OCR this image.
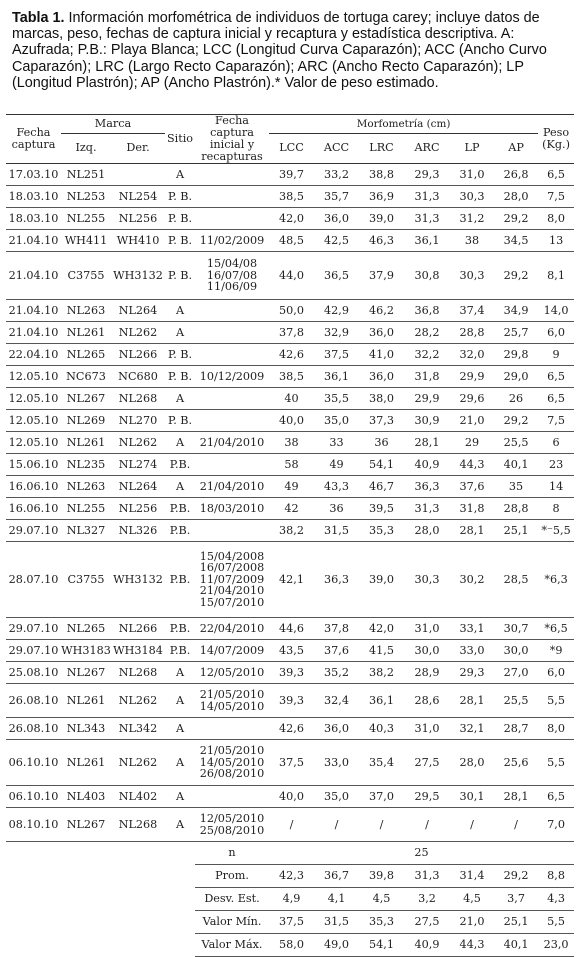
Tabla 1. Información morfométrica de individuos de tortuga carey; incluye datos de marcas, peso, fechas de captura inicial y recaptura y estadística descriptiva. A: Azufrada; P.B.: Playa Blanca; LCC (Longitud Curva Caparazón); ACC (Ancho Curvo Caparazón); LRC (Largo Recto Caparazón); ARC (Ancho Recto Caparazón); LP (Longitud Plastrón); AP (Ancho Plastrón).* Valor de peso estimado.
Fecha captura	Marca		Sitio	Fecha captura inicial y recapturas	Morfometría (cm)						Peso (Kg.)
	Izq.	Der.			LCC	ACC	LRC	ARC	LP	AP	
17.03.10	NL251		A		39,7	33,2	38,8	29,3	31,0	26,8	6,5
18.03.10	NL253	NL254	P. B.		38,5	35,7	36,9	31,3	30,3	28,0	7,5
18.03.10	NL255	NL256	P. B.		42,0	36,0	39,0	31,3	31,2	29,2	8,0
21.04.10	WH411	WH410	P. B.	11/02/2009	48,5	42,5	46,3	36,1	38	34,5	13
21.04.10	C3755	WH3132	P. B.	15/04/08
16/07/08
11/06/09	44,0	36,5	37,9	30,8	30,3	29,2	8,1
21.04.10	NL263	NL264	A		50,0	42,9	46,2	36,8	37,4	34,9	14,0
21.04.10	NL261	NL262	A		37,8	32,9	36,0	28,2	28,8	25,7	6,0
22.04.10	NL265	NL266	P. B.		42,6	37,5	41,0	32,2	32,0	29,8	9
12.05.10	NC673	NC680	P. B.	10/12/2009	38,5	36,1	36,0	31,8	29,9	29,0	6,5
12.05.10	NL267	NL268	A		40	35,5	38,0	29,9	29,6	26	6,5
12.05.10	NL269	NL270	P. B.		40,0	35,0	37,3	30,9	21,0	29,2	7,5
12.05.10	NL261	NL262	A	21/04/2010	38	33	36	28,1	29	25,5	6
15.06.10	NL235	NL274	P.B.		58	49	54,1	40,9	44,3	40,1	23
16.06.10	NL263	NL264	A	21/04/2010	49	43,3	46,7	36,3	37,6	35	14
16.06.10	NL255	NL256	P.B.	18/03/2010	42	36	39,5	31,3	31,8	28,8	8
29.07.10	NL327	NL326	P.B.		38,2	31,5	35,3	28,0	28,1	25,1	*⁻5,5
28.07.10	C3755	WH3132	P.B.	15/04/2008
16/07/2008
11/07/2009
21/04/2010
15/07/2010	42,1	36,3	39,0	30,3	30,2	28,5	*6,3
29.07.10	NL265	NL266	P.B.	22/04/2010	44,6	37,8	42,0	31,0	33,1	30,7	*6,5
29.07.10	WH3183	WH3184	P.B.	14/07/2009	43,5	37,6	41,5	30,0	33,0	30,0	*9
25.08.10	NL267	NL268	A	12/05/2010	39,3	35,2	38,2	28,9	29,3	27,0	6,0
26.08.10	NL261	NL262	A	21/05/2010
14/05/2010	39,3	32,4	36,1	28,6	28,1	25,5	5,5
26.08.10	NL343	NL342	A		42,6	36,0	40,3	31,0	32,1	28,7	8,0
06.10.10	NL261	NL262	A	21/05/2010
14/05/2010
26/08/2010	37,5	33,0	35,4	27,5	28,0	25,6	5,5
06.10.10	NL403	NL402	A		40,0	35,0	37,0	29,5	30,1	28,1	6,5
08.10.10	NL267	NL268	A	12/05/2010
25/08/2010	/	/	/	/	/	/	7,0
				n	25						
				Prom.	42,3	36,7	39,8	31,3	31,4	29,2	8,8
				Desv. Est.	4,9	4,1	4,5	3,2	4,5	3,7	4,3
				Valor Mín.	37,5	31,5	35,3	27,5	21,0	25,1	5,5
				Valor Máx.	58,0	49,0	54,1	40,9	44,3	40,1	23,0
